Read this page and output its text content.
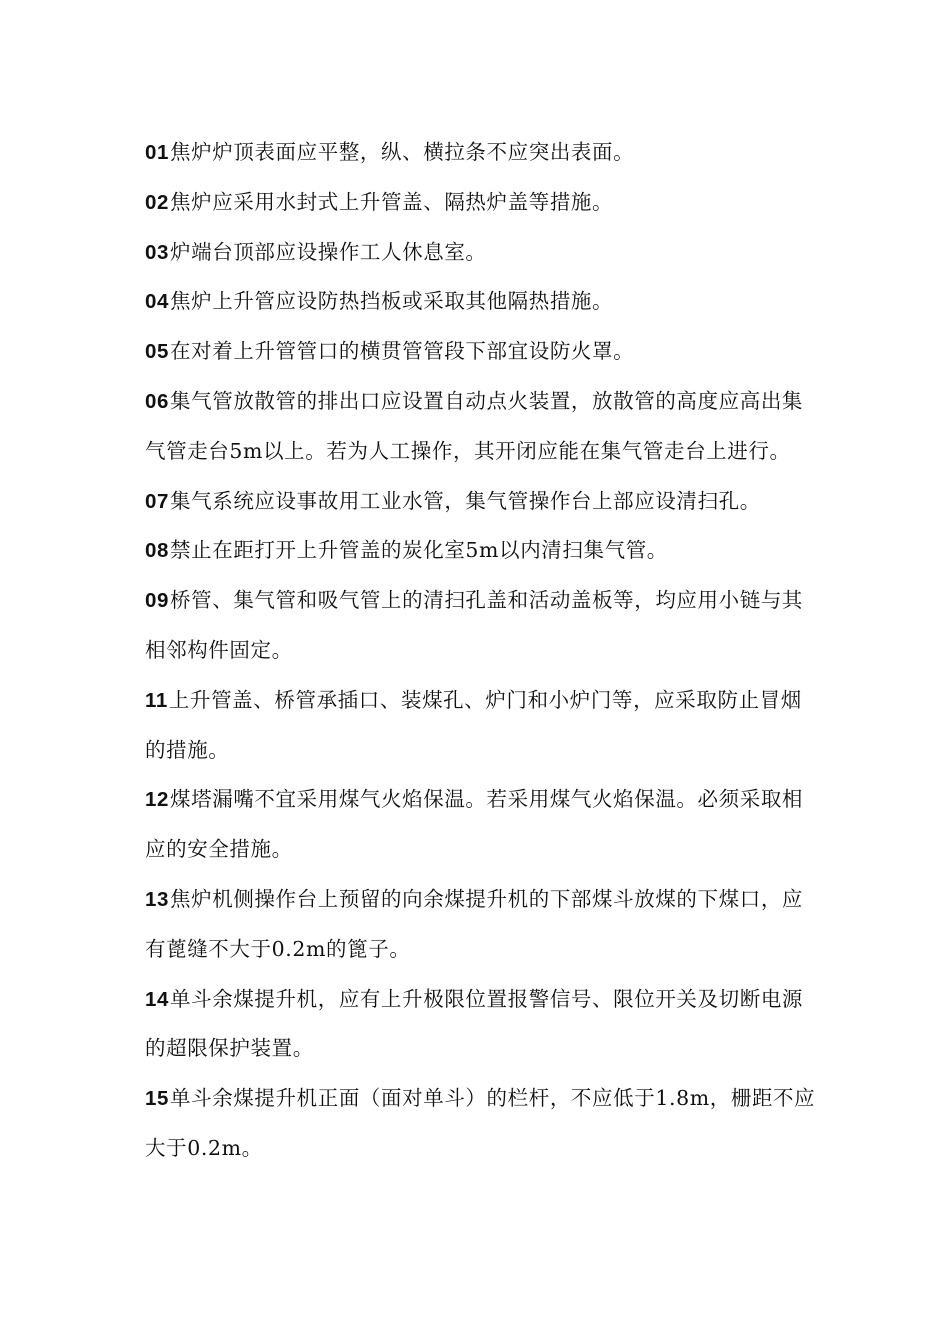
01焦炉炉顶表面应平整，纵、横拉条不应突出表面。

02焦炉应采用水封式上升管盖、隔热炉盖等措施。

03炉端台顶部应设操作工人休息室。

04焦炉上升管应设防热挡板或采取其他隔热措施。

05在对着上升管管口的横贯管管段下部宜设防火罩。

06集气管放散管的排出口应设置自动点火装置，放散管的高度应高出集气管走台5m以上。若为人工操作，其开闭应能在集气管走台上进行。

07集气系统应设事故用工业水管，集气管操作台上部应设清扫孔。

08禁止在距打开上升管盖的炭化室5m以内清扫集气管。

09桥管、集气管和吸气管上的清扫孔盖和活动盖板等，均应用小链与其相邻构件固定。

11上升管盖、桥管承插口、装煤孔、炉门和小炉门等，应采取防止冒烟的措施。

12煤塔漏嘴不宜采用煤气火焰保温。若采用煤气火焰保温。必须采取相应的安全措施。

13焦炉机侧操作台上预留的向余煤提升机的下部煤斗放煤的下煤口，应有蓖缝不大于0.2m的篦子。

14单斗余煤提升机，应有上升极限位置报警信号、限位开关及切断电源的超限保护装置。

15单斗余煤提升机正面（面对单斗）的栏杆，不应低于1.8m，栅距不应大于0.2m。
